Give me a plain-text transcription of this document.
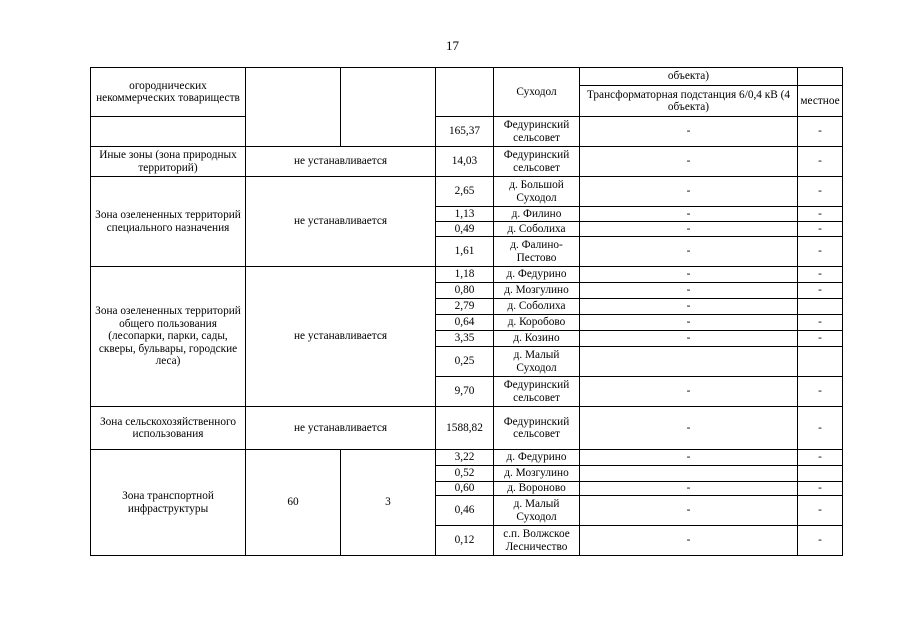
17
огороднических некоммерческих товариществ				Суходол	объекта)	
					Трансформаторная подстанция 6/0,4 кВ (4 объекта)	местное
			165,37	Федуринский сельсовет	-	-
Иные зоны (зона природных территорий)	не устанавливается		14,03	Федуринский сельсовет	-	-
Зона озелененных территорий специального назначения	не устанавливается		2,65	д. Большой Суходол	-	-
			1,13	д. Филино	-	-
			0,49	д. Соболиха	-	-
			1,61	д. Фалино-Пестово	-	-
Зона озелененных территорий общего пользования (лесопарки, парки, сады, скверы, бульвары, городские леса)	не устанавливается		1,18	д. Федурино	-	-
			0,80	д. Мозгулино	-	-
			2,79	д. Соболиха	-	
			0,64	д. Коробово	-	-
			3,35	д. Козино	-	-
			0,25	д. Малый Суходол		
			9,70	Федуринский сельсовет	-	-
Зона сельскохозяйственного использования	не устанавливается		1588,82	Федуринский сельсовет	-	-
Зона транспортной инфраструктуры	60	3	3,22	д. Федурино	-	-
			0,52	д. Мозгулино		
			0,60	д. Вороново	-	-
			0,46	д. Малый Суходол	-	-
			0,12	с.п. Волжское Лесничество	-	-
